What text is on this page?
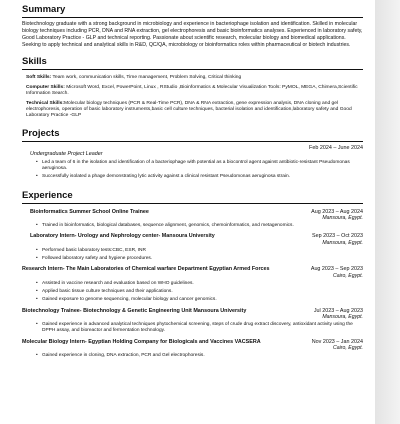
Summary

Biotechnology graduate with a strong background in microbiology and experience in bacteriophage isolation and identification. Skilled in molecular biology techniques including PCR, DNA and RNA extraction, gel electrophoresis and basic bioinformatics analyses. Experienced in laboratory safety, Good Laboratory Practice - GLP and technical reporting. Passionate about scientific research, molecular biology and biomedical applications. Seeking to apply technical and analytical skills in R&D, QC/QA, microbiology or bioinformatics roles within pharmaceutical or biotech industries.

Skills

Soft Skills: Team work, communication skills, Time management, Problem Solving, Critical thinking

Computer Skills: Microsoft Word, Excel, PowerPoint, Linux , RStudio ,Bioinformatics & Molecular Visualization Tools: PyMOL, MEGA, Chimera,Scientific Information Search.

Technical Skills:Molecular biology techniques (PCR & Real-Time PCR), DNA & RNA extraction, gene expression analysis, DNA cloning and gel electrophoresis, operation of basic laboratory instruments,basic cell culture techniques, bacterial isolation and identification,laboratory safety and Good Laboratory Practice -GLP

Projects
Feb 2024 – June 2024
Undergraduate Project Leader
• Led a team of 6 in the isolation and identification of a bacteriophage with potential as a biocontrol agent against antibiotic-resistant Pseudomonas aeruginosa.
• Successfully isolated a phage demonstrating lytic activity against a clinical resistant Pseudomonas aeruginosa strain.
Experience
Bioinformatics Summer School Online Trainee	Aug 2023 – Aug 2024
Mansoura, Egypt.
• Trained in bioinformatics, biological databases, sequence alignment, genomics, chemoinformatics, and metagenomics.
Laboratory Intern- Urology and Nephrology center- Mansoura University	Sep 2023 – Oct 2023
Mansoura, Egypt.
• Performed basic laboratory tests:CBC, ESR, INR
• Followed laboratory safety and hygiene procedures.
Research Intern- The Main Laboratories of Chemical warfare Department Egyptian Armed Forces	Aug 2023 – Sep 2023
Cairo, Egypt.
• Assisted in vaccine research and evaluation based on WHO guidelines.
• Applied basic tissue culture techniques and their applications.
• Gained exposure to genome sequencing, molecular biology and cancer genomics.
Biotechnology Trainee- Biotechnology & Genetic Engineering Unit Mansoura University	Jul 2023 – Aug 2023
Mansoura, Egypt.
• Gained experience in advanced analytical techniques phytochemical screening, steps of crude drug extract discovery, antioxidant activity using the DPPH assay, and bioreactor and fermentation technology.
Molecular Biology Intern- Egyptian Holding Company for Biologicals and Vaccines VACSERA	Nov 2023 – Jan 2024
Cairo, Egypt.
• Gained experience in cloning, DNA extraction, PCR and Gel electrophoresis.
